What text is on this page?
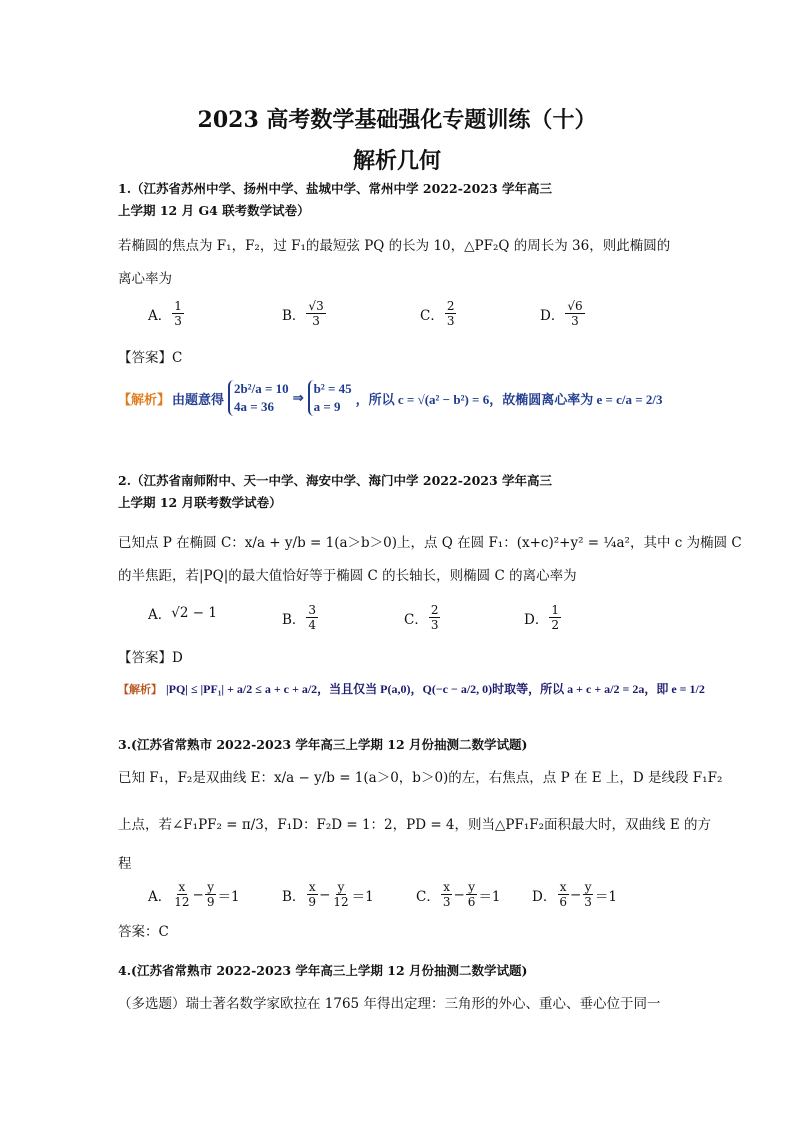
2023 高考数学基础强化专题训练（十）
解析几何
1.（江苏省苏州中学、扬州中学、盐城中学、常州中学 2022-2023 学年高三
上学期 12 月 G4 联考数学试卷）
若椭圆的焦点为 F₁，F₂，过 F₁的最短弦 PQ 的长为 10，△PF₂Q 的周长为 36，则此椭圆的
离心率为
A． $\frac{1}{3}$	B． $\frac{√3}{3}$	C． $\frac{2}{3}$	D． $\frac{√6}{3}$
【答案】C
【解析】 由题意得
2b²/a = 10
4a = 36
⇒
b² = 45
a = 9	，所以 c = √(a² − b²) = 6，故椭圆离心率为 e = c/a = 2/3
2.（江苏省南师附中、天一中学、海安中学、海门中学 2022-2023 学年高三
上学期 12 月联考数学试卷）
已知点 P 在椭圆 C：x/a + y/b = 1(a＞b＞0)上，点 Q 在圆 F₁：(x+c)²+y² = ¼a²，其中 c 为椭圆 C
的半焦距，若|PQ|的最大值恰好等于椭圆 C 的长轴长，则椭圆 C 的离心率为
A． √2 − 1	B． $\frac{3}{4}$	C． $\frac{2}{3}$	D． $\frac{1}{2}$
【答案】D
【解析】 |PQ| ≤ |PF₁| + a/2 ≤ a + c + a/2，当且仅当 P(a,0)，Q(−c − a/2, 0)时取等，所以 a + c + a/2 = 2a，即 e = 1/2
3.(江苏省常熟市 2022-2023 学年高三上学期 12 月份抽测二数学试题)
已知 F₁，F₂是双曲线 E：x/a − y/b = 1(a＞0，b＞0)的左，右焦点，点 P 在 E 上，D 是线段 F₁F₂
上点，若∠F₁PF₂ = π/3，F₁D：F₂D = 1：2，PD = 4，则当△PF₁F₂面积最大时，双曲线 E 的方
程
A． $\frac{x}{12} - \frac{y}{9} =1$	B． $\frac{x}{9} - \frac{y}{12} =1$	C． $\frac{x}{3} - \frac{y}{6} =1$ D． $\frac{x}{6} - \frac{y}{3} =1$
答案：C
4.(江苏省常熟市 2022-2023 学年高三上学期 12 月份抽测二数学试题)
（多选题）瑞士著名数学家欧拉在 1765 年得出定理：三角形的外心、重心、垂心位于同一
